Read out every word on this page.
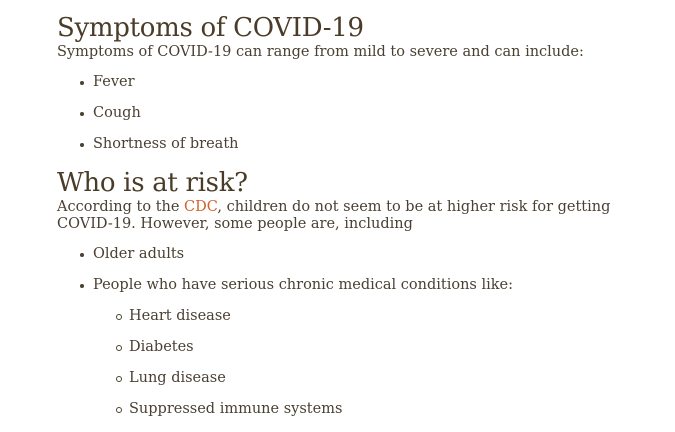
Symptoms of COVID-19

Symptoms of COVID-19 can range from mild to severe and can include:

Fever
Cough
Shortness of breath
Who is at risk?

According to the CDC, children do not seem to be at higher risk for getting COVID-19. However, some people are, including

Older adults
People who have serious chronic medical conditions like:
Heart disease
Diabetes
Lung disease
Suppressed immune systems
